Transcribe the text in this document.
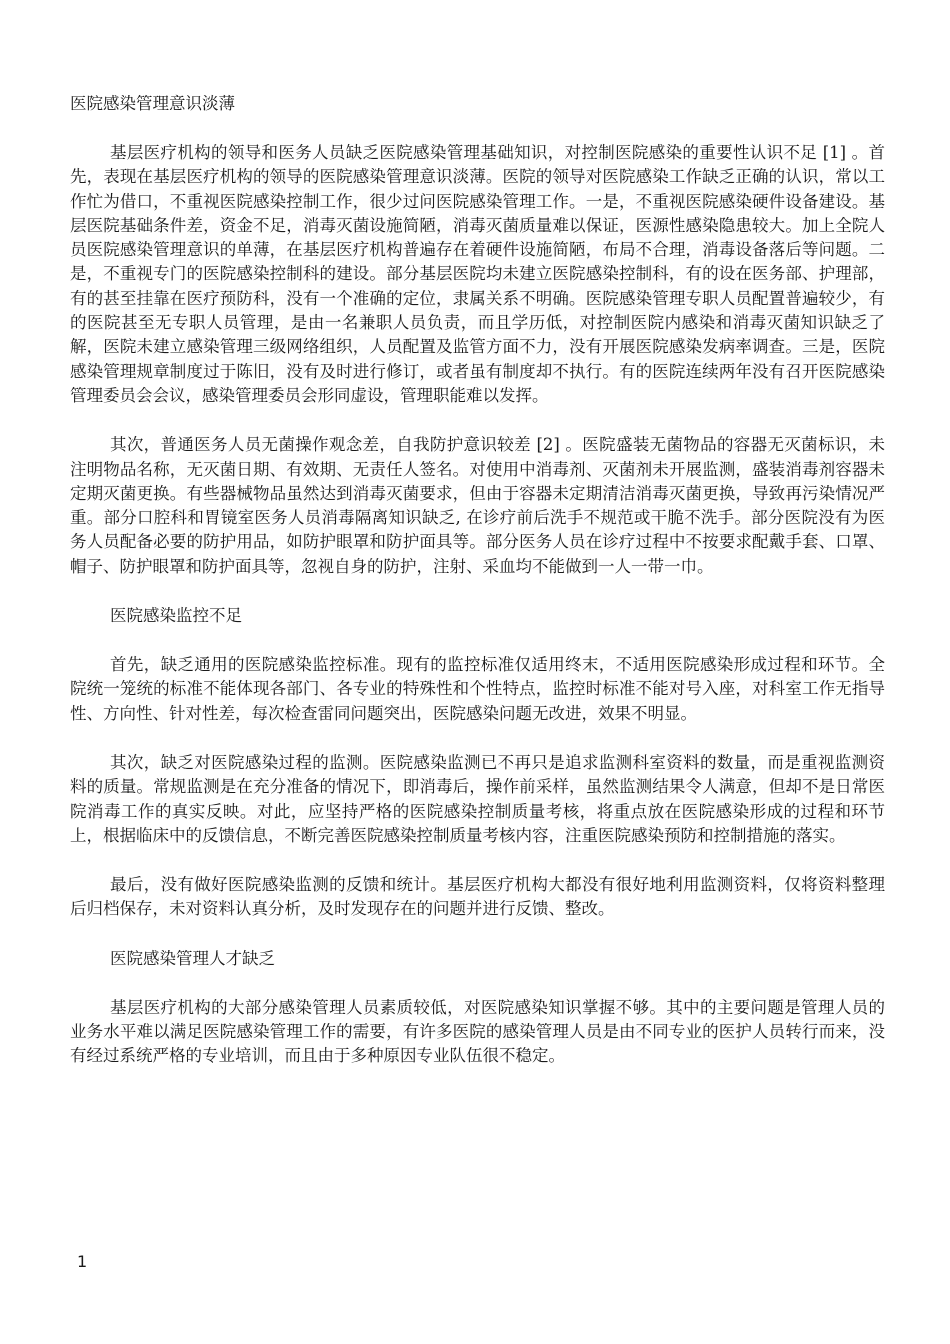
医院感染管理意识淡薄
基层医疗机构的领导和医务人员缺乏医院感染管理基础知识，对控制医院感染的重要性认识不足 [1] 。首先，表现在基层医疗机构的领导的医院感染管理意识淡薄。医院的领导对医院感染工作缺乏正确的认识，常以工作忙为借口，不重视医院感染控制工作，很少过问医院感染管理工作。一是，不重视医院感染硬件设备建设。基层医院基础条件差，资金不足，消毒灭菌设施简陋，消毒灭菌质量难以保证，医源性感染隐患较大。加上全院人员医院感染管理意识的单薄，在基层医疗机构普遍存在着硬件设施简陋，布局不合理，消毒设备落后等问题。二是，不重视专门的医院感染控制科的建设。部分基层医院均未建立医院感染控制科，有的设在医务部、护理部，有的甚至挂靠在医疗预防科，没有一个准确的定位，隶属关系不明确。医院感染管理专职人员配置普遍较少，有的医院甚至无专职人员管理，是由一名兼职人员负责，而且学历低，对控制医院内感染和消毒灭菌知识缺乏了解，医院未建立感染管理三级网络组织，人员配置及监管方面不力，没有开展医院感染发病率调查。三是，医院感染管理规章制度过于陈旧，没有及时进行修订，或者虽有制度却不执行。有的医院连续两年没有召开医院感染管理委员会会议，感染管理委员会形同虚设，管理职能难以发挥。
其次，普通医务人员无菌操作观念差，自我防护意识较差 [2] 。医院盛装无菌物品的容器无灭菌标识，未注明物品名称，无灭菌日期、有效期、无责任人签名。对使用中消毒剂、灭菌剂未开展监测，盛装消毒剂容器未定期灭菌更换。有些器械物品虽然达到消毒灭菌要求，但由于容器未定期清洁消毒灭菌更换，导致再污染情况严重。部分口腔科和胃镜室医务人员消毒隔离知识缺乏, 在诊疗前后洗手不规范或干脆不洗手。部分医院没有为医务人员配备必要的防护用品，如防护眼罩和防护面具等。部分医务人员在诊疗过程中不按要求配戴手套、口罩、帽子、防护眼罩和防护面具等，忽视自身的防护，注射、采血均不能做到一人一带一巾。
医院感染监控不足
首先，缺乏通用的医院感染监控标准。现有的监控标准仅适用终末，不适用医院感染形成过程和环节。全院统一笼统的标准不能体现各部门、各专业的特殊性和个性特点，监控时标准不能对号入座，对科室工作无指导性、方向性、针对性差，每次检查雷同问题突出，医院感染问题无改进，效果不明显。
其次，缺乏对医院感染过程的监测。医院感染监测已不再只是追求监测科室资料的数量，而是重视监测资料的质量。常规监测是在充分准备的情况下，即消毒后，操作前采样，虽然监测结果令人满意，但却不是日常医院消毒工作的真实反映。对此，应坚持严格的医院感染控制质量考核，将重点放在医院感染形成的过程和环节上，根据临床中的反馈信息，不断完善医院感染控制质量考核内容，注重医院感染预防和控制措施的落实。
最后，没有做好医院感染监测的反馈和统计。基层医疗机构大都没有很好地利用监测资料，仅将资料整理后归档保存，未对资料认真分析，及时发现存在的问题并进行反馈、整改。
医院感染管理人才缺乏
基层医疗机构的大部分感染管理人员素质较低，对医院感染知识掌握不够。其中的主要问题是管理人员的业务水平难以满足医院感染管理工作的需要，有许多医院的感染管理人员是由不同专业的医护人员转行而来，没有经过系统严格的专业培训，而且由于多种原因专业队伍很不稳定。
1
